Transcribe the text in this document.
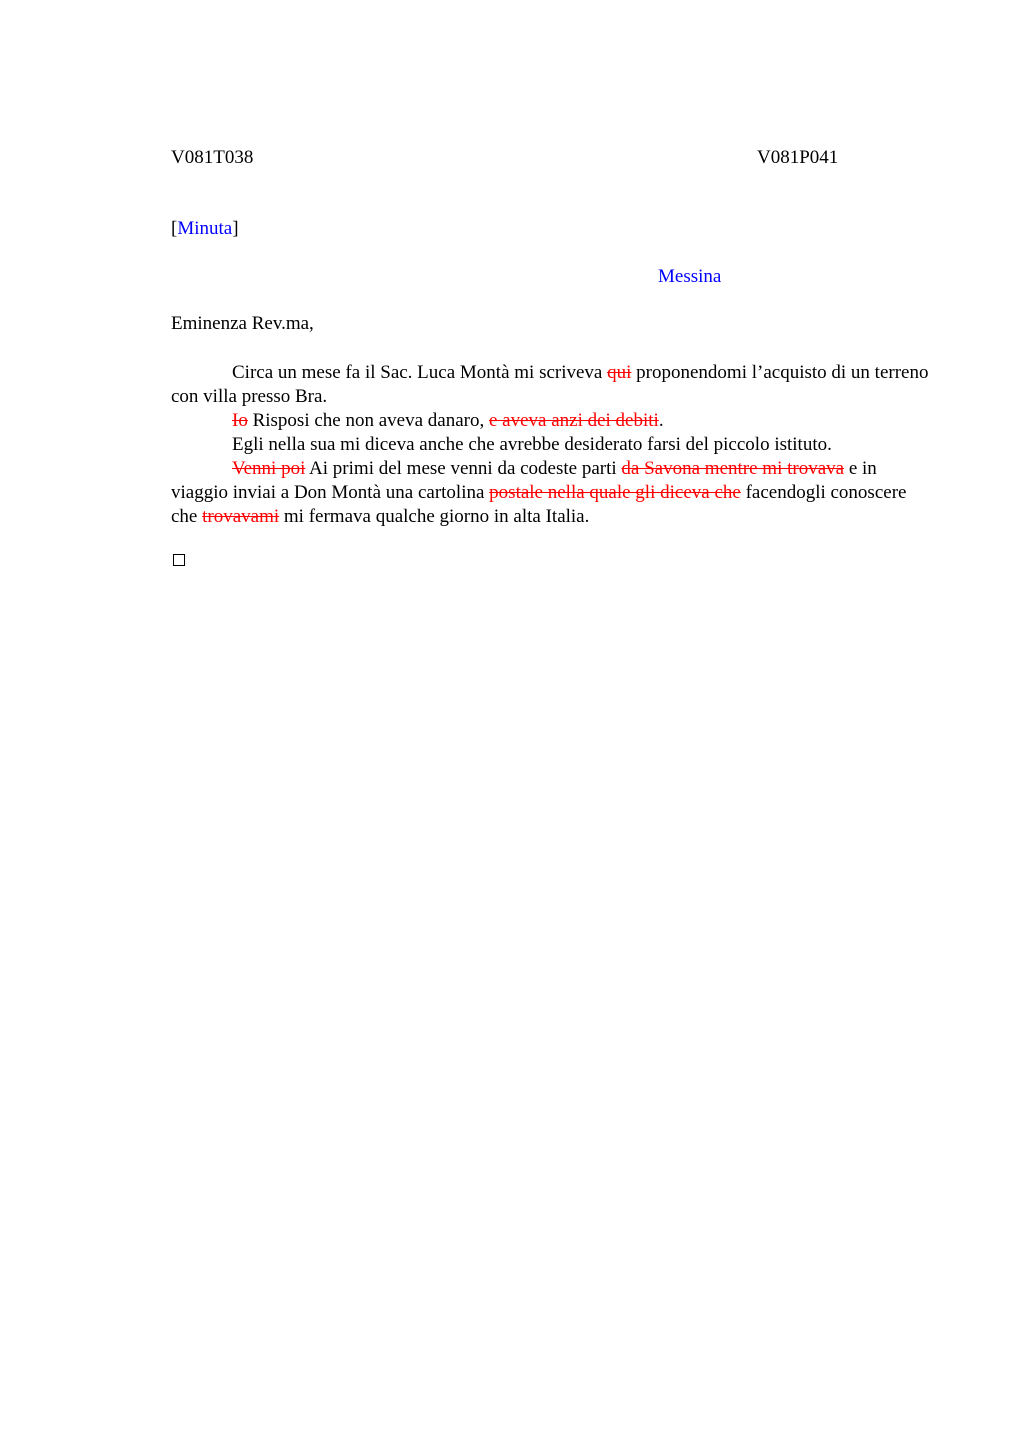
V081T038	V081P041
[Minuta]
Messina
Eminenza Rev.ma,

Circa un mese fa il Sac. Luca Montà mi scriveva qui proponendomi l’acquisto di un terreno con villa presso Bra.

Io Risposi che non aveva danaro, e aveva anzi dei debiti.

Egli nella sua mi diceva anche che avrebbe desiderato farsi del piccolo istituto.

Venni poi Ai primi del mese venni da codeste parti da Savona mentre mi trovava e in viaggio inviai a Don Montà una cartolina postale nella quale gli diceva che facendogli conoscere che trovavami mi fermava qualche giorno in alta Italia.
